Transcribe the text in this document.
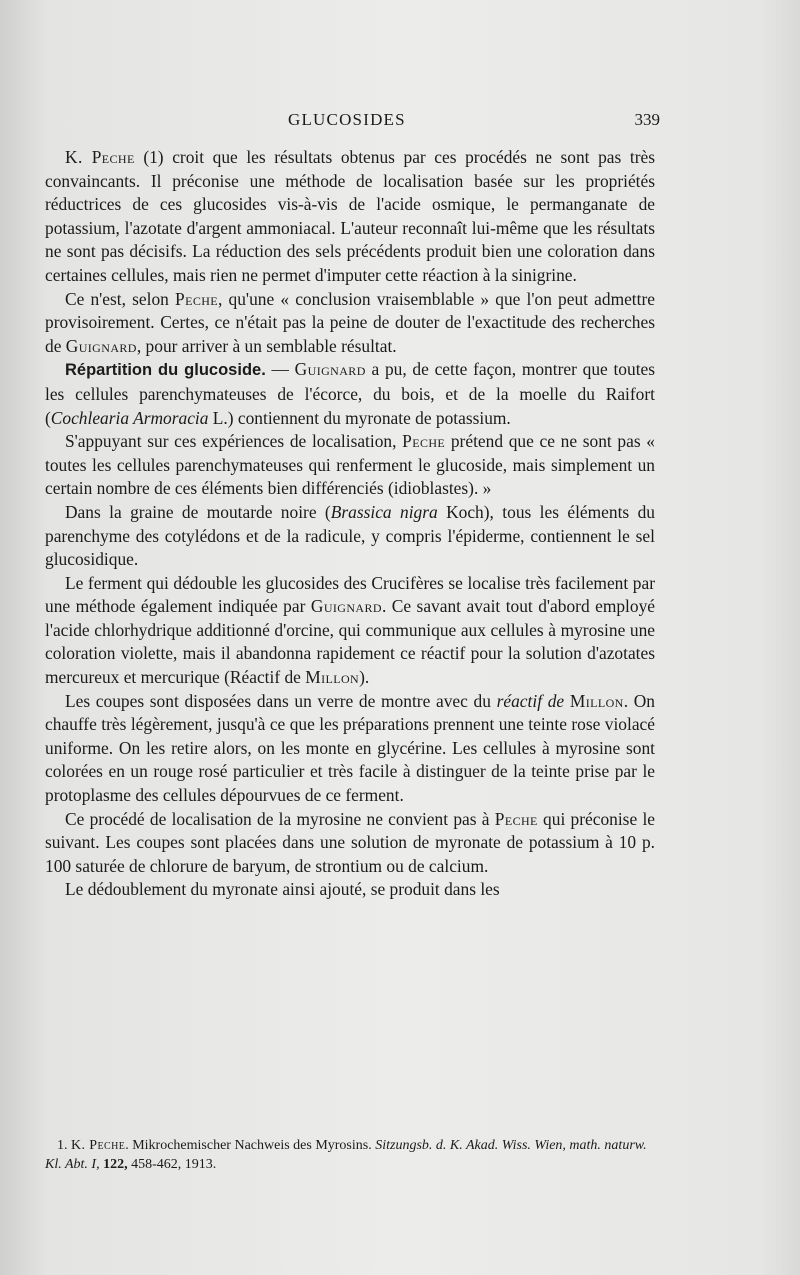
GLUCOSIDES	339

K. Peche (1) croit que les résultats obtenus par ces procédés ne sont pas très convaincants. Il préconise une méthode de localisation basée sur les propriétés réductrices de ces glucosides vis-à-vis de l'acide osmique, le permanganate de potassium, l'azotate d'argent ammoniacal. L'auteur reconnaît lui-même que les résultats ne sont pas décisifs. La réduction des sels précédents produit bien une coloration dans certaines cellules, mais rien ne permet d'imputer cette réaction à la sinigrine.

Ce n'est, selon Peche, qu'une « conclusion vraisemblable » que l'on peut admettre provisoirement. Certes, ce n'était pas la peine de douter de l'exactitude des recherches de Guignard, pour arriver à un semblable résultat.

Répartition du glucoside. — Guignard a pu, de cette façon, montrer que toutes les cellules parenchymateuses de l'écorce, du bois, et de la moelle du Raifort (Cochlearia Armoracia L.) contiennent du myronate de potassium.

S'appuyant sur ces expériences de localisation, Peche prétend que ce ne sont pas « toutes les cellules parenchymateuses qui renferment le glucoside, mais simplement un certain nombre de ces éléments bien différenciés (idioblastes). »

Dans la graine de moutarde noire (Brassica nigra Koch), tous les éléments du parenchyme des cotylédons et de la radicule, y compris l'épiderme, contiennent le sel glucosidique.

Le ferment qui dédouble les glucosides des Crucifères se localise très facilement par une méthode également indiquée par Guignard. Ce savant avait tout d'abord employé l'acide chlorhydrique additionné d'orcine, qui communique aux cellules à myrosine une coloration violette, mais il abandonna rapidement ce réactif pour la solution d'azotates mercureux et mercurique (Réactif de Millon).

Les coupes sont disposées dans un verre de montre avec du réactif de Millon. On chauffe très légèrement, jusqu'à ce que les préparations prennent une teinte rose violacé uniforme. On les retire alors, on les monte en glycérine. Les cellules à myrosine sont colorées en un rouge rosé particulier et très facile à distinguer de la teinte prise par le protoplasme des cellules dépourvues de ce ferment.

Ce procédé de localisation de la myrosine ne convient pas à Peche qui préconise le suivant. Les coupes sont placées dans une solution de myronate de potassium à 10 p. 100 saturée de chlorure de baryum, de strontium ou de calcium.

Le dédoublement du myronate ainsi ajouté, se produit dans les

1. K. Peche. Mikrochemischer Nachweis des Myrosins. Sitzungsb. d. K. Akad. Wiss. Wien, math. naturw. Kl. Abt. I, 122, 458-462, 1913.
